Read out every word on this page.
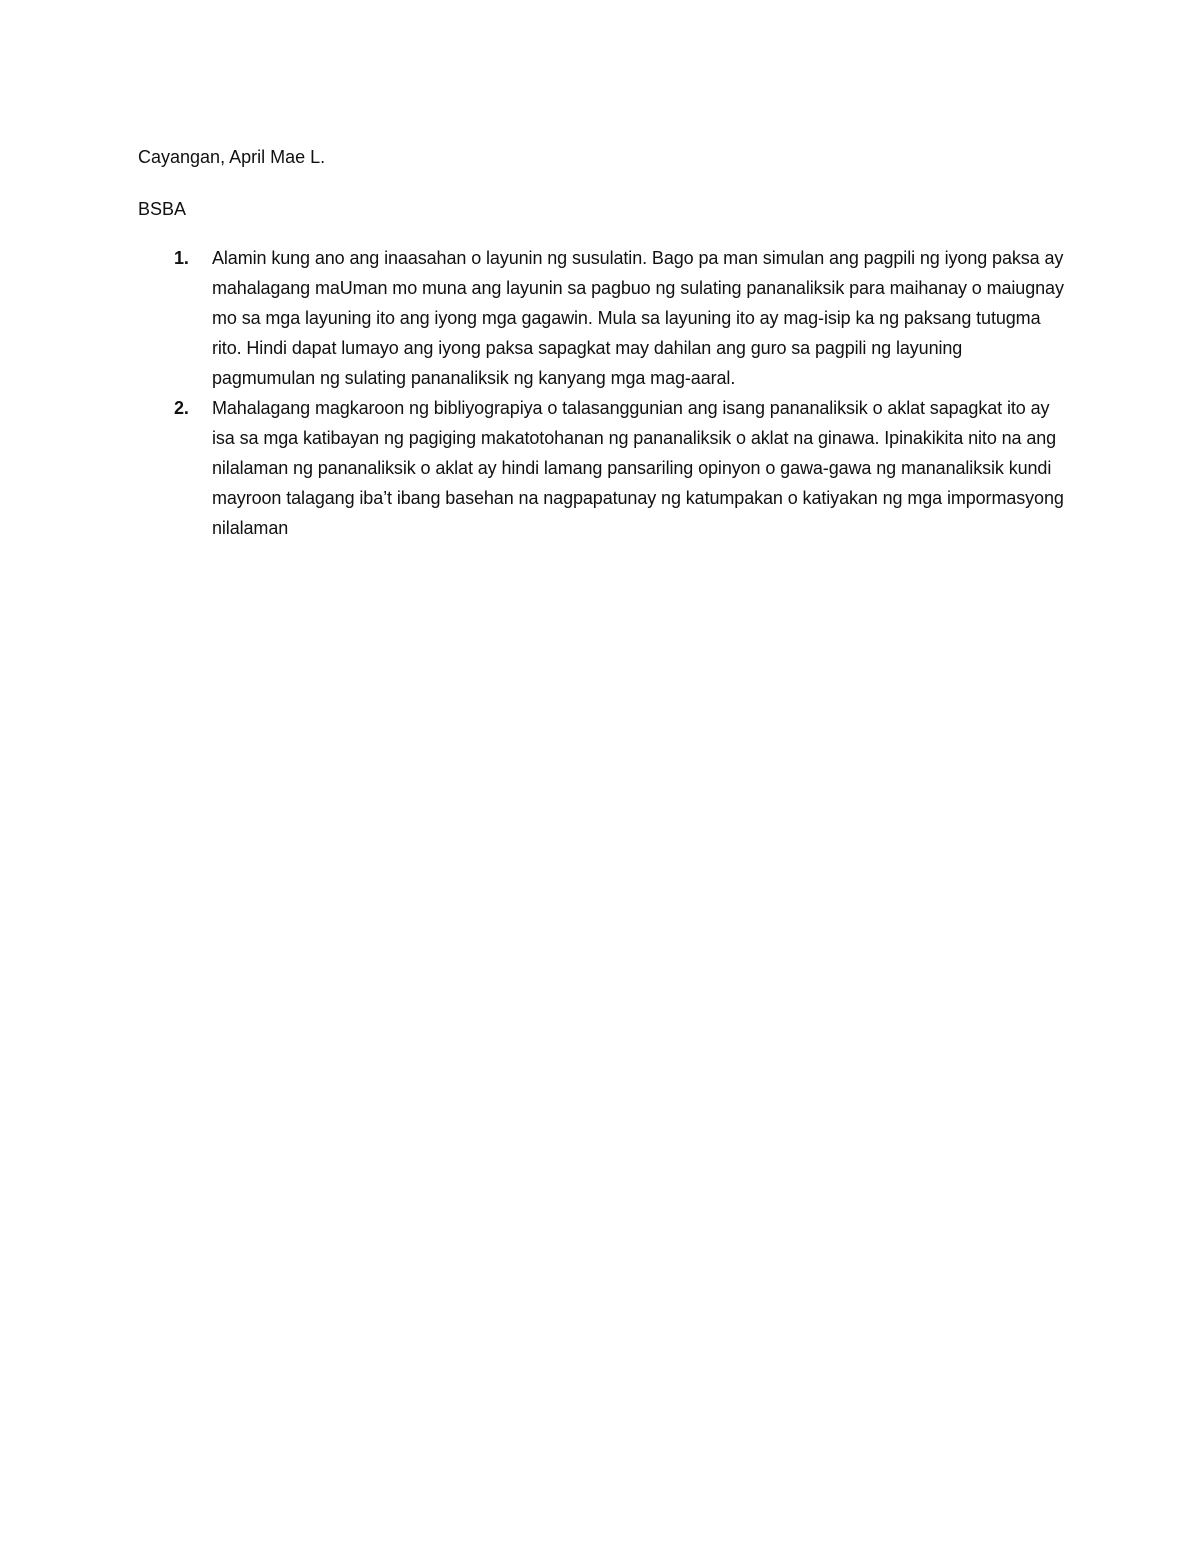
Cayangan, April Mae L.
BSBA
1. Alamin kung ano ang inaasahan o layunin ng susulatin. Bago pa man simulan ang pagpili ng iyong paksa ay mahalagang maUman mo muna ang layunin sa pagbuo ng sulating pananaliksik para maihanay o maiugnay mo sa mga layuning ito ang iyong mga gagawin. Mula sa layuning ito ay mag-isip ka ng paksang tutugma rito. Hindi dapat lumayo ang iyong paksa sapagkat may dahilan ang guro sa pagpili ng layuning pagmumulan ng sulating pananaliksik ng kanyang mga mag-aaral.
2. Mahalagang magkaroon ng bibliyograpiya o talasanggunian ang isang pananaliksik o aklat sapagkat ito ay isa sa mga katibayan ng pagiging makatotohanan ng pananaliksik o aklat na ginawa. Ipinakikita nito na ang nilalaman ng pananaliksik o aklat ay hindi lamang pansariling opinyon o gawa-gawa ng mananaliksik kundi mayroon talagang iba’t ibang basehan na nagpapatunay ng katumpakan o katiyakan ng mga impormasyong nilalaman
